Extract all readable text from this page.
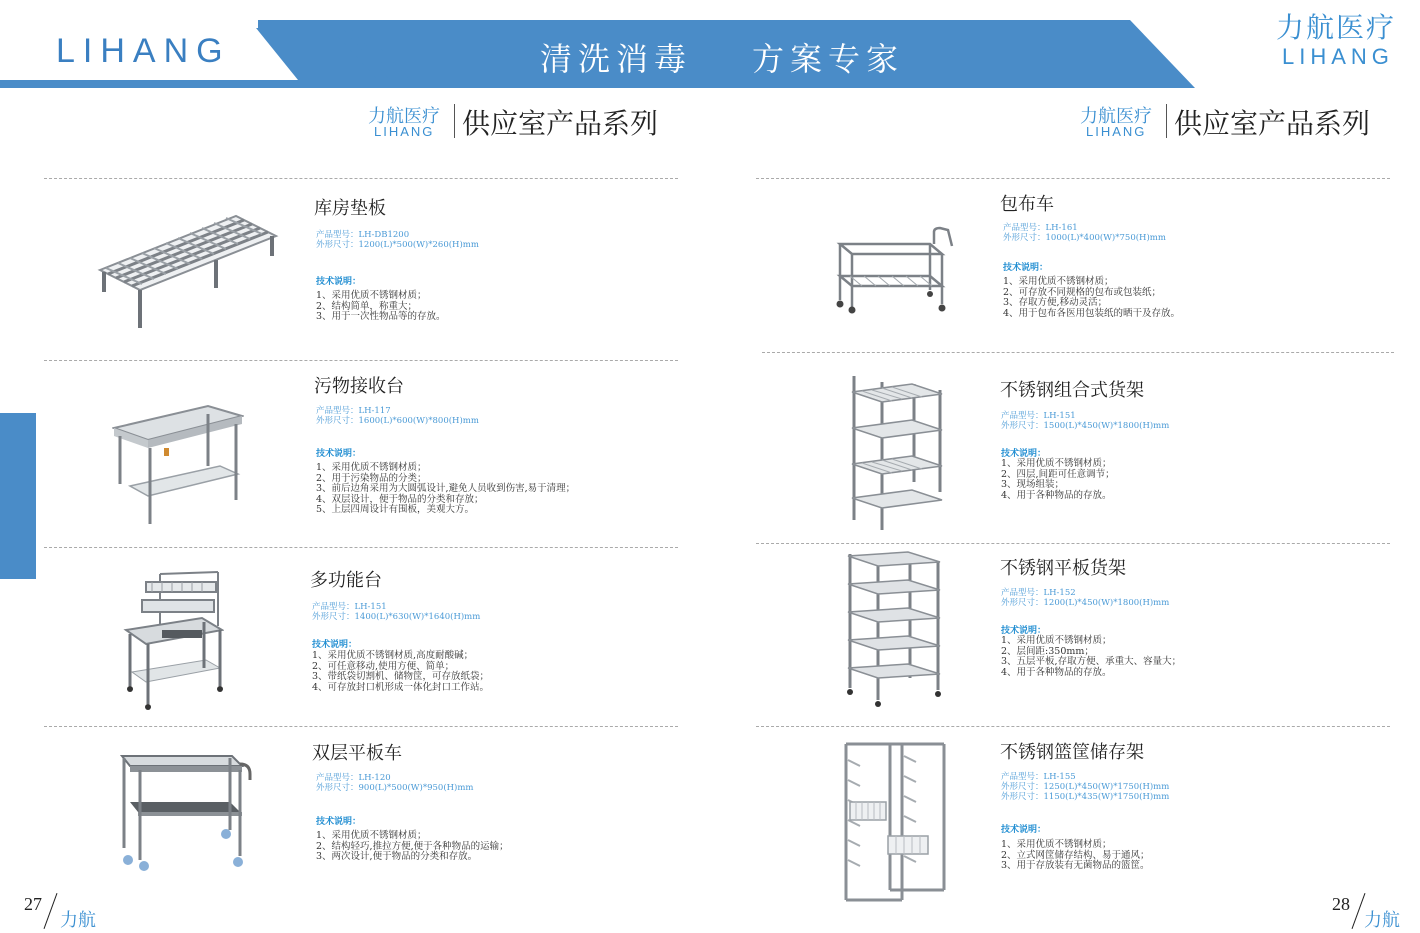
LIHANG	清洗消毒 方案专家
力航医疗
LIHANG
力航医疗
LIHANG 供应室产品系列	力航医疗
LIHANG 供应室产品系列
库房垫板
产品型号：LH-DB1200
外形尺寸：1200(L)*500(W)*260(H)mm
技术说明：
1、采用优质不锈钢材质；
2、结构简单，称重大；
3、用于一次性物品等的存放。
污物接收台
产品型号：LH-117
外形尺寸：1600(L)*600(W)*800(H)mm
技术说明：
1、采用优质不锈钢材质；
2、用于污染物品的分类；
3、前后边角采用为大圆弧设计,避免人员收到伤害,易于清理；
4、双层设计，便于物品的分类和存放；
5、上层四周设计有围板，美观大方。
多功能台
产品型号：LH-151
外形尺寸：1400(L)*630(W)*1640(H)mm
技术说明：
1、采用优质不锈钢材质,高度耐酸碱；
2、可任意移动,使用方便、简单；
3、带纸袋切割机、储物筐，可存放纸袋；
4、可存放封口机形成一体化封口工作站。
双层平板车
产品型号：LH-120
外形尺寸：900(L)*500(W)*950(H)mm
技术说明：
1、采用优质不锈钢材质；
2、结构轻巧,推拉方便,便于各种物品的运输；
3、两次设计,便于物品的分类和存放。
包布车
产品型号：LH-161
外形尺寸：1000(L)*400(W)*750(H)mm
技术说明：
1、采用优质不锈钢材质；
2、可存放不同规格的包布或包装纸；
3、存取方便,移动灵活；
4、用于包布各医用包装纸的晒干及存放。
不锈钢组合式货架
产品型号：LH-151
外形尺寸：1500(L)*450(W)*1800(H)mm
技术说明：
1、采用优质不锈钢材质；
2、四层,间距可任意调节；
3、现场组装；
4、用于各种物品的存放。
不锈钢平板货架
产品型号：LH-152
外形尺寸：1200(L)*450(W)*1800(H)mm
技术说明：
1、采用优质不锈钢材质；
2、层间距:350mm；
3、五层平板,存取方便、承重大、容量大；
4、用于各种物品的存放。
不锈钢篮筐储存架
产品型号：LH-155
外形尺寸：1250(L)*450(W)*1750(H)mm
外形尺寸：1150(L)*435(W)*1750(H)mm
技术说明：
1、采用优质不锈钢材质；
2、立式网筐储存结构、易于通风；
3、用于存放装有无菌物品的篮筐。
27
力航
28
力航
